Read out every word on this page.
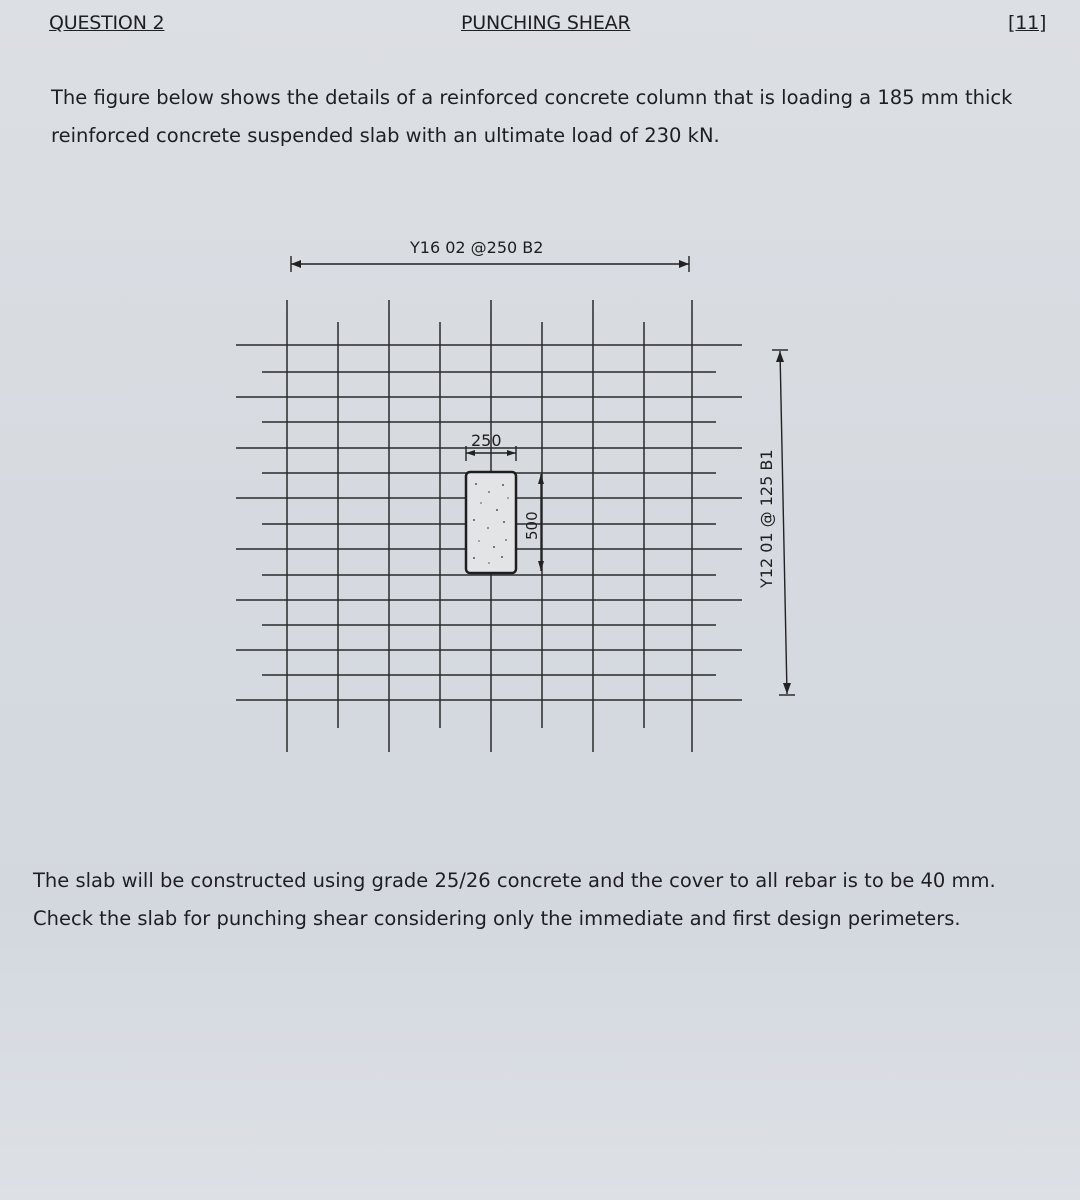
QUESTION 2	PUNCHING SHEAR	[11]
The figure below shows the details of a reinforced concrete column that is loading a 185 mm thick
reinforced concrete suspended slab with an ultimate load of 230 kN.
Y16 02 @250 B2
250
500	Y12 01 @ 125 B1
The slab will be constructed using grade 25/26 concrete and the cover to all rebar is to be 40 mm.
Check the slab for punching shear considering only the immediate and first design perimeters.
